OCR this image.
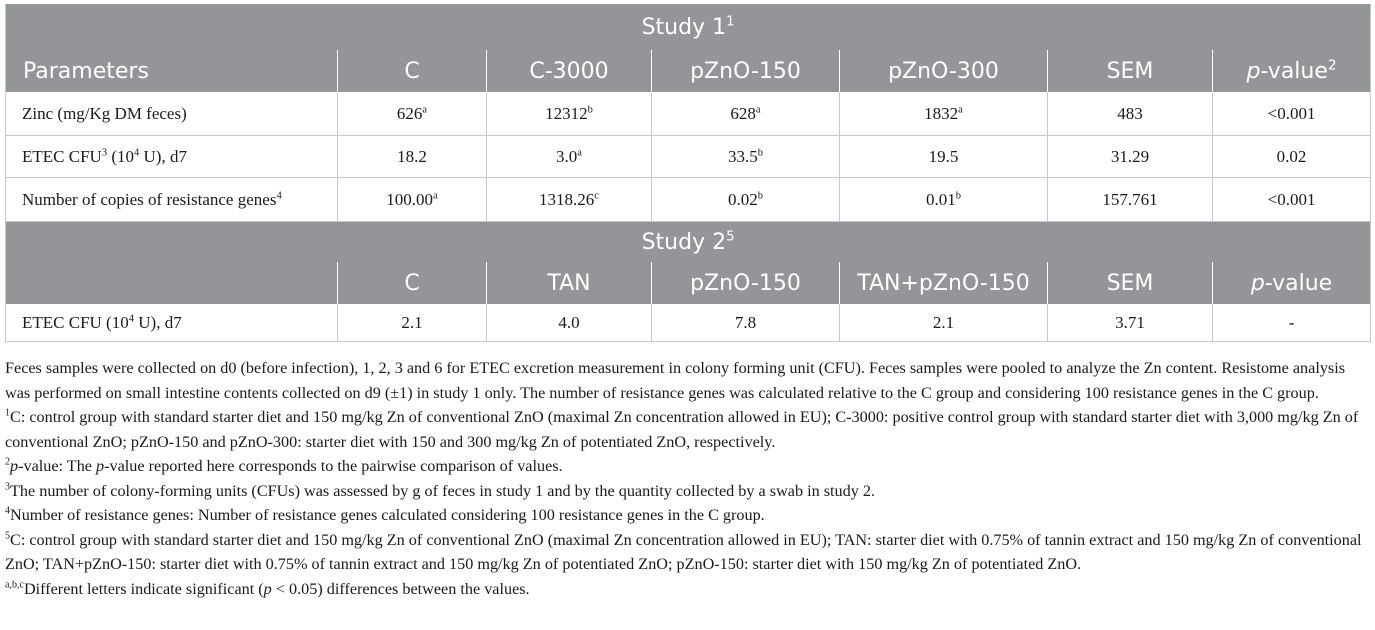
Study $1^1$
Parameters	C	C-3000	pZnO-150	pZnO-300	SEM	p-value$^2$
Zinc (mg/Kg DM feces)	626$^a$	12312$^b$	628$^a$	1832$^a$	483	<0.001
ETEC CFU$^3$ ($10^4$ U), d7	18.2	3.0$^a$	33.5$^b$	19.5	31.29	0.02
Number of copies of resistance genes$^4$	100.00$^a$	1318.26$^c$	0.02$^b$	0.01$^b$	157.761	<0.001
Study $2^5$
	C	TAN	pZnO-150	TAN+pZnO-150	SEM	p-value
ETEC CFU ($10^4$ U), d7	2.1	4.0	7.8	2.1	3.71	-

Feces samples were collected on d0 (before infection), 1, 2, 3 and 6 for ETEC excretion measurement in colony forming unit (CFU). Feces samples were pooled to analyze the Zn content. Resistome analysis was performed on small intestine contents collected on d9 (±1) in study 1 only. The number of resistance genes was calculated relative to the C group and considering 100 resistance genes in the C group.

$^1$C: control group with standard starter diet and 150 mg/kg Zn of conventional ZnO (maximal Zn concentration allowed in EU); C-3000: positive control group with standard starter diet with 3,000 mg/kg Zn of conventional ZnO; pZnO-150 and pZnO-300: starter diet with 150 and 300 mg/kg Zn of potentiated ZnO, respectively.

$^2$p-value: The p-value reported here corresponds to the pairwise comparison of values.

$^3$The number of colony-forming units (CFUs) was assessed by g of feces in study 1 and by the quantity collected by a swab in study 2.

$^4$Number of resistance genes: Number of resistance genes calculated considering 100 resistance genes in the C group.

$^5$C: control group with standard starter diet and 150 mg/kg Zn of conventional ZnO (maximal Zn concentration allowed in EU); TAN: starter diet with 0.75% of tannin extract and 150 mg/kg Zn of conventional ZnO; TAN+pZnO-150: starter diet with 0.75% of tannin extract and 150 mg/kg Zn of potentiated ZnO; pZnO-150: starter diet with 150 mg/kg Zn of potentiated ZnO.

$^{a,b,c}$Different letters indicate significant (p < 0.05) differences between the values.
